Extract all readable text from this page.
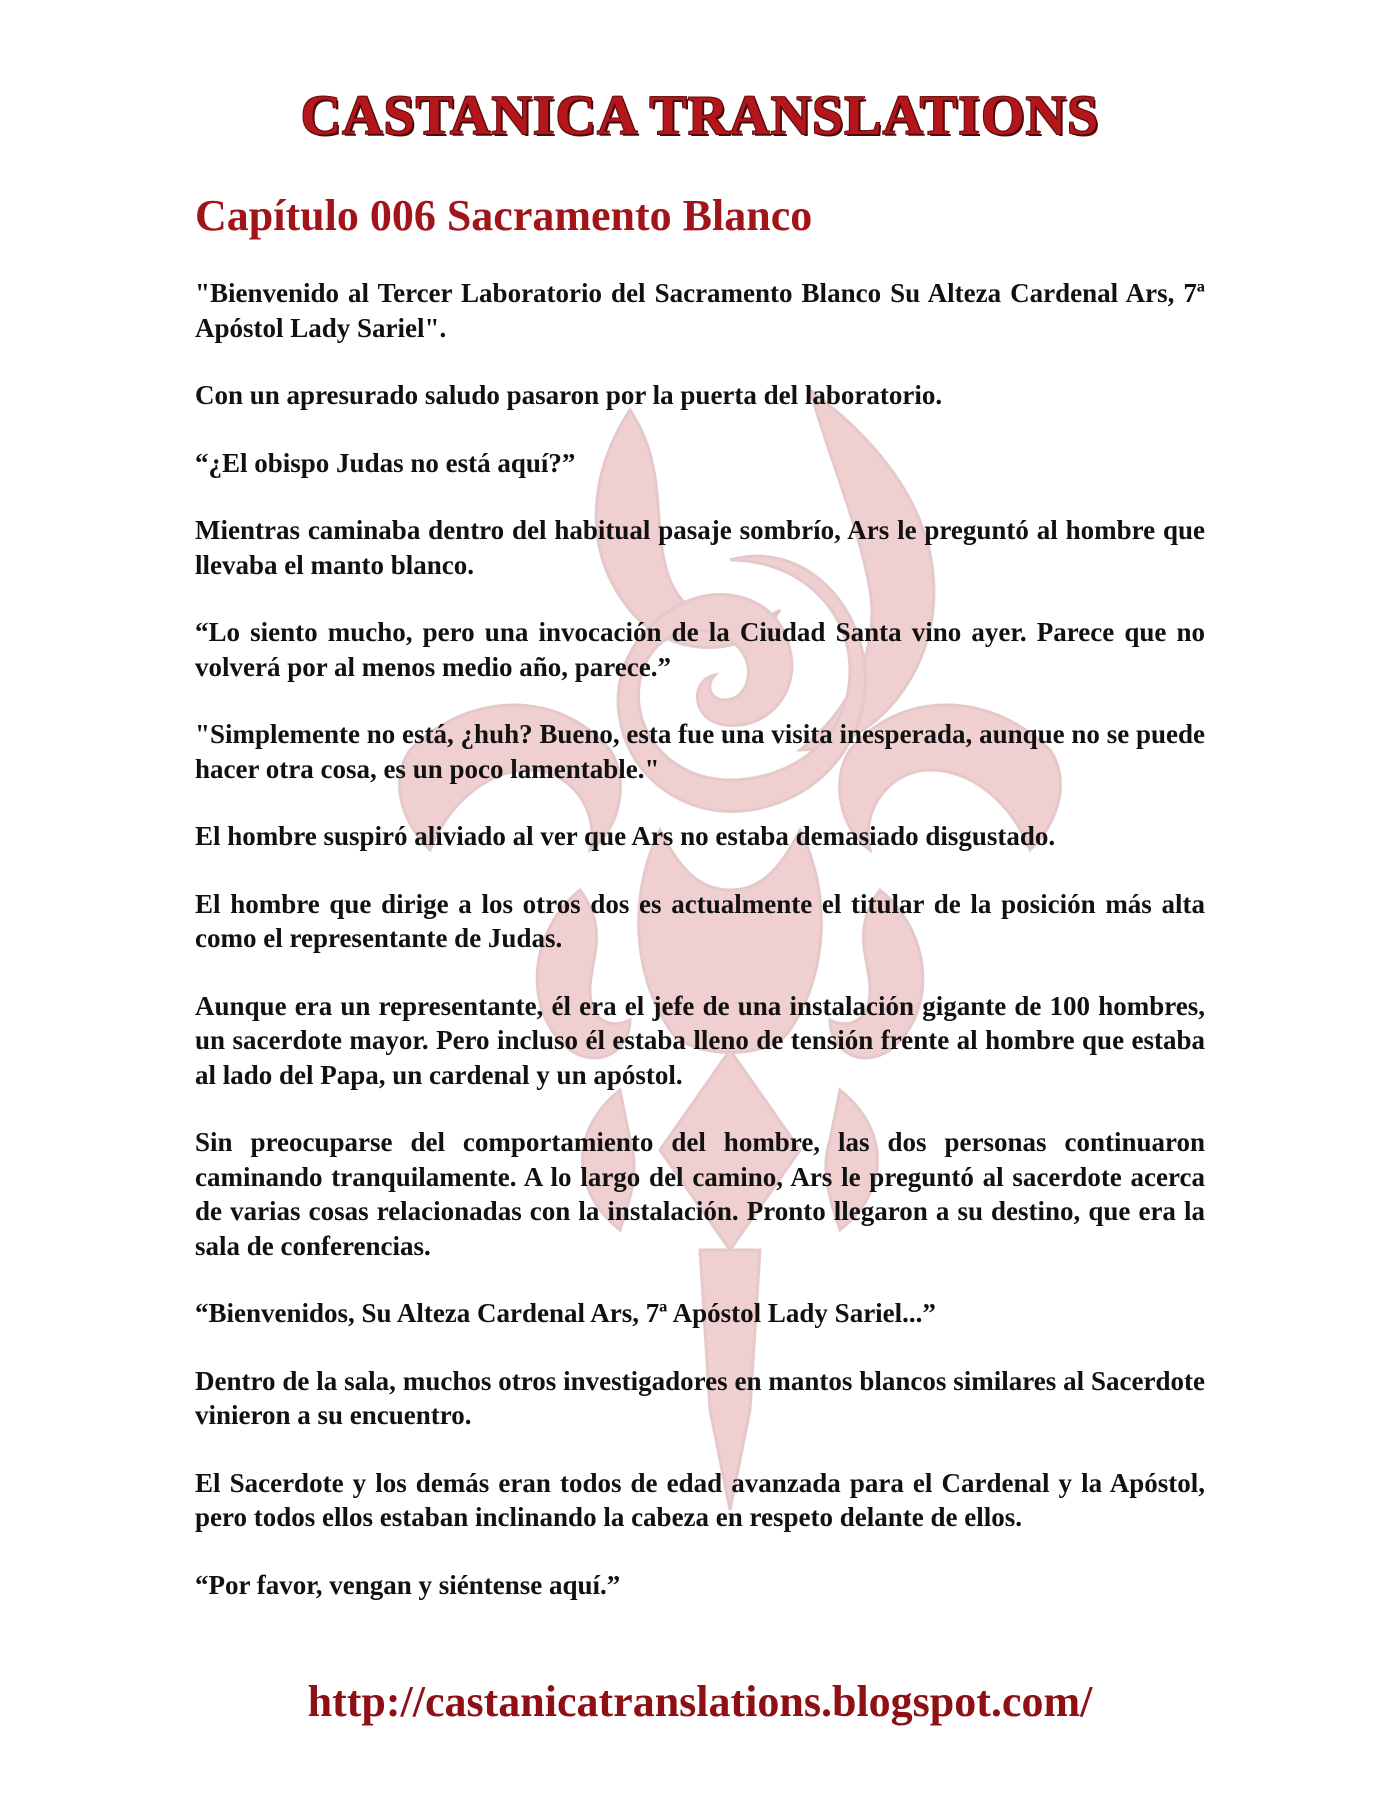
CASTANICA TRANSLATIONS
Capítulo 006 Sacramento Blanco

"Bienvenido al Tercer Laboratorio del Sacramento Blanco Su Alteza Cardenal Ars, 7ª Apóstol Lady Sariel".

Con un apresurado saludo pasaron por la puerta del laboratorio.

“¿El obispo Judas no está aquí?”

Mientras caminaba dentro del habitual pasaje sombrío, Ars le preguntó al hombre que llevaba el manto blanco.

“Lo siento mucho, pero una invocación de la Ciudad Santa vino ayer. Parece que no volverá por al menos medio año, parece.”

"Simplemente no está, ¿huh? Bueno, esta fue una visita inesperada, aunque no se puede hacer otra cosa, es un poco lamentable."

El hombre suspiró aliviado al ver que Ars no estaba demasiado disgustado.

El hombre que dirige a los otros dos es actualmente el titular de la posición más alta como el representante de Judas.

Aunque era un representante, él era el jefe de una instalación gigante de 100 hombres, un sacerdote mayor. Pero incluso él estaba lleno de tensión frente al hombre que estaba al lado del Papa, un cardenal y un apóstol.

Sin preocuparse del comportamiento del hombre, las dos personas continuaron caminando tranquilamente. A lo largo del camino, Ars le preguntó al sacerdote acerca de varias cosas relacionadas con la instalación. Pronto llegaron a su destino, que era la sala de conferencias.

“Bienvenidos, Su Alteza Cardenal Ars, 7ª Apóstol Lady Sariel...”

Dentro de la sala, muchos otros investigadores en mantos blancos similares al Sacerdote vinieron a su encuentro.

El Sacerdote y los demás eran todos de edad avanzada para el Cardenal y la Apóstol, pero todos ellos estaban inclinando la cabeza en respeto delante de ellos.

“Por favor, vengan y siéntense aquí.”

http://castanicatranslations.blogspot.com/
